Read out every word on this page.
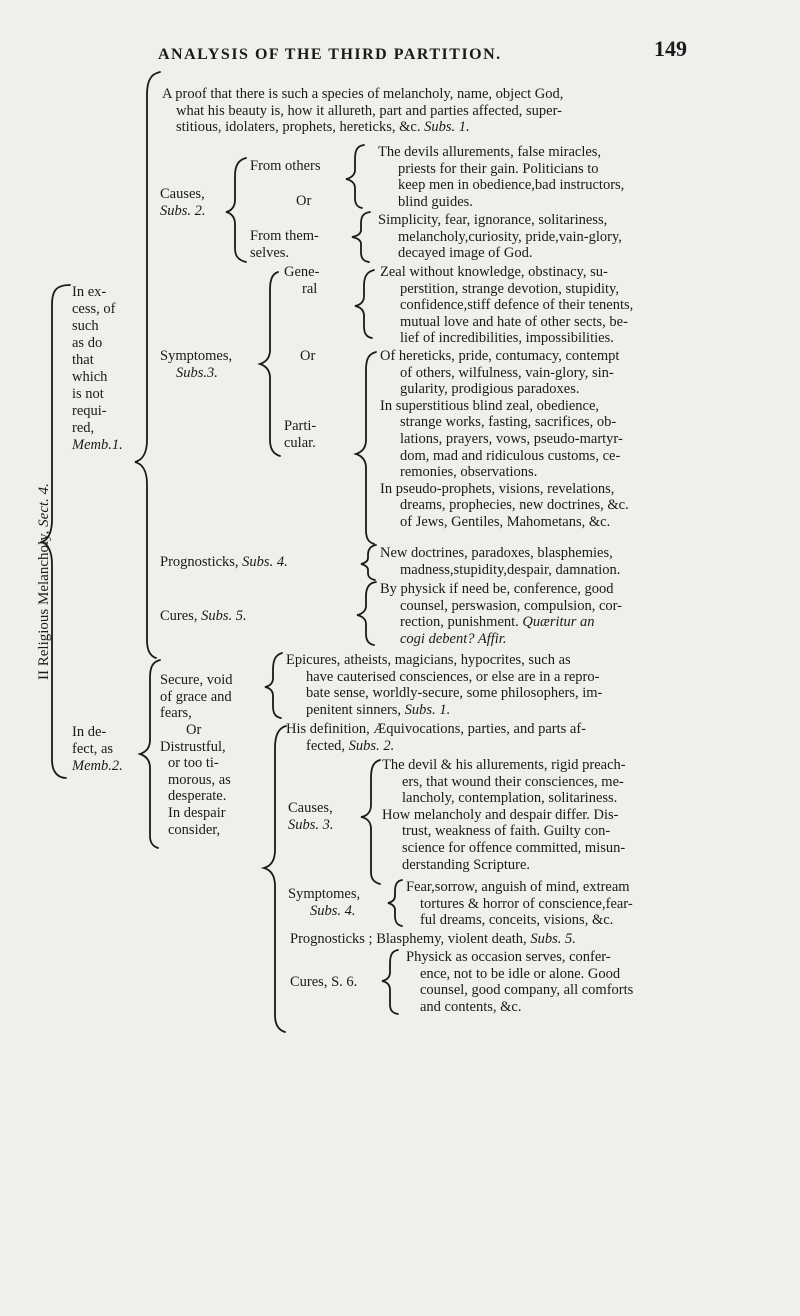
ANALYSIS OF THE THIRD PARTITION.	149
II Religious Melancholy, Sect. 4.
In ex-
cess, of
such
as do
that
which
is not
requi-
red,
Memb.1.
In de-
fect, as
Memb.2.
A proof that there is such a species of melancholy, name, object God,
what his beauty is, how it allureth, part and parties affected, super-
stitious, idolaters, prophets, hereticks, &c. Subs. 1.
Causes,
Subs. 2.
From others
Or
From them-
selves.
The devils allurements, false miracles,
priests for their gain. Politicians to
keep men in obedience,bad instructors,
blind guides.
Simplicity, fear, ignorance, solitariness,
melancholy,curiosity, pride,vain-glory,
decayed image of God.
Symptomes,
Subs.3.
Gene-
ral
Or
Parti-
cular.
Zeal without knowledge, obstinacy, su-
perstition, strange devotion, stupidity,
confidence,stiff defence of their tenents,
mutual love and hate of other sects, be-
lief of incredibilities, impossibilities.
Of hereticks, pride, contumacy, contempt
of others, wilfulness, vain-glory, sin-
gularity, prodigious paradoxes.
In superstitious blind zeal, obedience,
strange works, fasting, sacrifices, ob-
lations, prayers, vows, pseudo-martyr-
dom, mad and ridiculous customs, ce-
remonies, observations.
In pseudo-prophets, visions, revelations,
dreams, prophecies, new doctrines, &c.
of Jews, Gentiles, Mahometans, &c.
Prognosticks, Subs. 4.
New doctrines, paradoxes, blasphemies,
madness,stupidity,despair, damnation.
Cures, Subs. 5.
By physick if need be, conference, good
counsel, perswasion, compulsion, cor-
rection, punishment. Quæritur an
cogi debent? Affir.
Secure, void
of grace and
fears,
Epicures, atheists, magicians, hypocrites, such as
have cauterised consciences, or else are in a repro-
bate sense, worldly-secure, some philosophers, im-
penitent sinners, Subs. 1.
Or
Distrustful,
or too ti-
morous, as
desperate.
In despair
consider,
His definition, Æquivocations, parties, and parts af-
fected, Subs. 2.
Causes,
Subs. 3.
The devil & his allurements, rigid preach-
ers, that wound their consciences, me-
lancholy, contemplation, solitariness.
How melancholy and despair differ. Dis-
trust, weakness of faith. Guilty con-
science for offence committed, misun-
derstanding Scripture.
Symptomes,
Subs. 4.
Fear,sorrow, anguish of mind, extream
tortures & horror of conscience,fear-
ful dreams, conceits, visions, &c.
Prognosticks ; Blasphemy, violent death, Subs. 5.
Cures, S. 6.
Physick as occasion serves, confer-
ence, not to be idle or alone. Good
counsel, good company, all comforts
and contents, &c.
